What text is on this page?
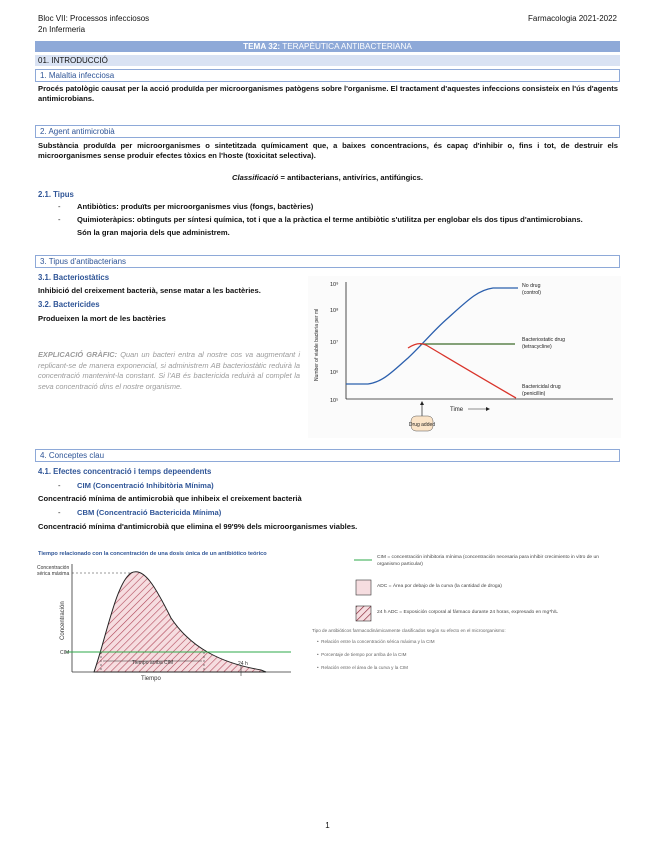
Bloc VII: Processos infecciosos
2n Infermeria
Farmacologia 2021-2022
TEMA 32: TERAPÈUTICA ANTIBACTERIANA
01. INTRODUCCIÓ
1. Malaltia infecciosa
Procés patològic causat per la acció produïda per microorganismes patògens sobre l'organisme. El tractament d'aquestes infeccions consisteix en l'ús d'agents antimicrobians.
2. Agent antimicrobià
Substància produïda per microorganismes o sintetitzada químicament que, a baixes concentracions, és capaç d'inhibir o, fins i tot, de destruir els microorganismes sense produir efectes tòxics en l'hoste (toxicitat selectiva).
Classificació = antibacterians, antivírics, antifúngics.
2.1. Tipus
- Antibiòtics: produïts per microorganismes vius (fongs, bactèries)
- Quimioteràpics: obtinguts per síntesi química, tot i que a la pràctica el terme antibiòtic s'utilitza per englobar els dos tipus d'antimicrobians.
Són la gran majoria dels que administrem.
3. Tipus d'antibacterians
3.1. Bacteriostàtics
Inhibició del creixement bacterià, sense matar a les bactèries.
3.2. Bactericides
Produeixen la mort de les bactèries
EXPLICACIÓ GRÀFIC: Quan un bacteri entra al nostre cos va augmentant i replicant-se de manera exponencial, si administrem AB bacteriostàtic reduirà la concentració mantenint-la constant. Si l'AB és bactericida reduirà al complet la seva concentració dins el nostre organisme.
10⁹
10⁸
10⁷
10⁶
10⁵
Number of viable bacteria per ml
Time
No drug
(control)
Bacteriostatic drug
(tetracycline)
Bactericidal drug
(penicillin)
Drug added
4. Conceptes clau
4.1. Efectes concentració i temps depeendents
- CIM (Concentració Inhibitòria Mínima)
Concentració mínima de antimicrobià que inhibeix el creixement bacterià
- CBM (Concentració Bactericida Mínima)
Concentració mínima d'antimicrobià que elimina el 99'9% dels microorganismes viables.
Tiempo relacionado con la concentración de una dosis única de un antibiótico teórico
Concentración
sérica máxima
CIM
Tiempo arriba CIM	24 h
Tiempo
Concentración
CIM = concentración inhibitoria mínima (concentración necesaria para inhibir crecimiento in vitro de un organismo particular)
ADC = Área por debajo de la curva (la cantidad de droga)
24 h ADC = Exposición corporal al fármaco durante 24 horas, expresado en mg*h/L
Tipo de antibióticos farmacodinámicamente clasificados según su efecto en el microorganismo:
•  Relación entre la concentración sérica máxima y la CIM
•  Porcentaje de tiempo por arriba de la CIM
•  Relación entre el área de la curva y la CIM
1
